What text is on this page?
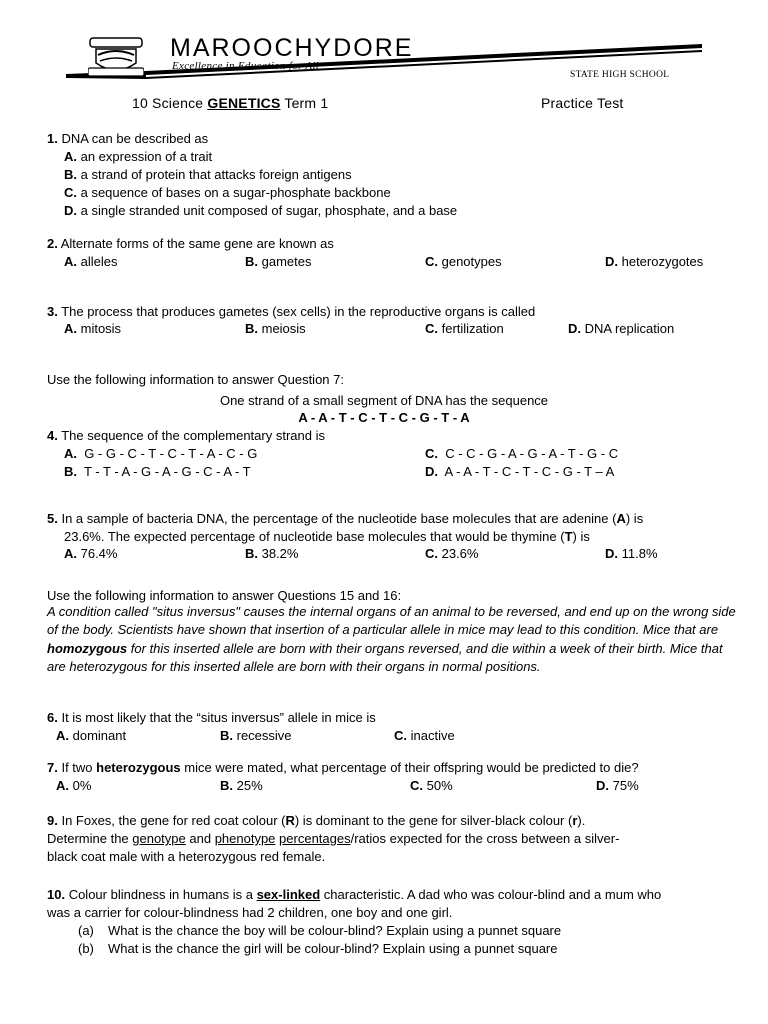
MAROOCHYDORE
Excellence in Education for All
STATE HIGH SCHOOL
10 Science GENETICS Term 1	Practice Test
1. DNA can be described as
A. an expression of a trait
B. a strand of protein that attacks foreign antigens
C. a sequence of bases on a sugar-phosphate backbone
D. a single stranded unit composed of sugar, phosphate, and a base
2. Alternate forms of the same gene are known as
A. alleles	B. gametes	C. genotypes	D. heterozygotes
3. The process that produces gametes (sex cells) in the reproductive organs is called
A. mitosis	B. meiosis	C. fertilization	D. DNA replication
Use the following information to answer Question 7:
One strand of a small segment of DNA has the sequence
A - A - T - C - T - C - G - T - A
4. The sequence of the complementary strand is
A.  G - G - C - T - C - T - A - C - G
B.  T - T - A - G - A - G - C - A - T
C.  C - C - G - A - G - A - T - G - C
D.  A - A - T - C - T - C - G - T – A
5. In a sample of bacteria DNA, the percentage of the nucleotide base molecules that are adenine (A) is
23.6%. The expected percentage of nucleotide base molecules that would be thymine (T) is
A. 76.4%	B. 38.2%	C. 23.6%	D. 11.8%
Use the following information to answer Questions 15 and 16:
A condition called "situs inversus" causes the internal organs of an animal to be reversed, and end up on the wrong side of the body. Scientists have shown that insertion of a particular allele in mice may lead to this condition. Mice that are homozygous for this inserted allele are born with their organs reversed, and die within a week of their birth. Mice that are heterozygous for this inserted allele are born with their organs in normal positions.
6. It is most likely that the “situs inversus” allele in mice is
A. dominant	B. recessive	C. inactive
7. If two heterozygous mice were mated, what percentage of their offspring would be predicted to die?
A. 0%	B. 25%	C. 50%	D. 75%
9. In Foxes, the gene for red coat colour (R) is dominant to the gene for silver-black colour (r).
Determine the genotype and phenotype percentages/ratios expected for the cross between a silver-
black coat male with a heterozygous red female.
10. Colour blindness in humans is a sex-linked characteristic. A dad who was colour-blind and a mum who
was a carrier for colour-blindness had 2 children, one boy and one girl.
(a) What is the chance the boy will be colour-blind? Explain using a punnet square
(b) What is the chance the girl will be colour-blind? Explain using a punnet square
